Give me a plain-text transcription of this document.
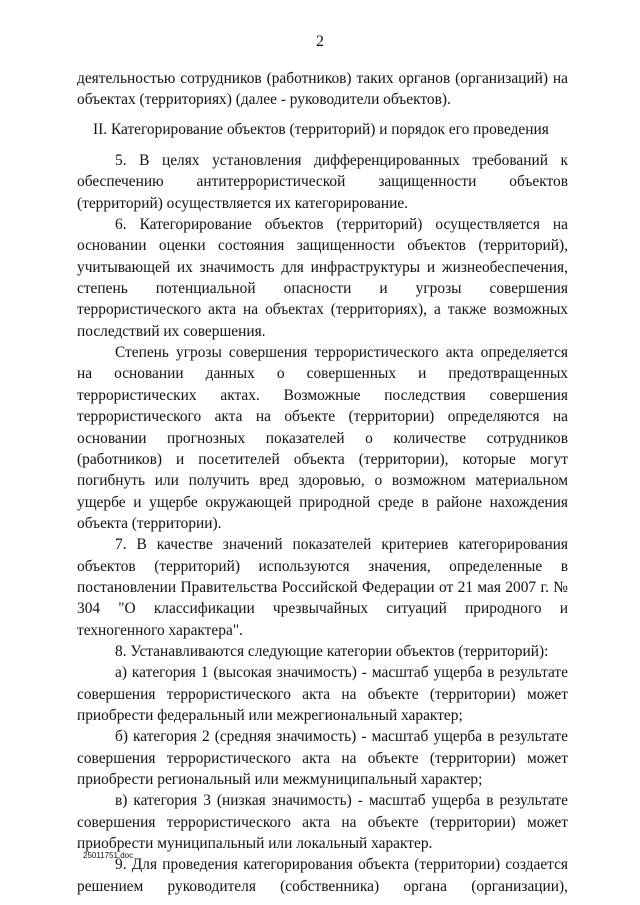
2

деятельностью сотрудников (работников) таких органов (организаций) на объектах (территориях) (далее - руководители объектов).

II. Категорирование объектов (территорий) и порядок его проведения

5. В целях установления дифференцированных требований к обеспечению антитеррористической защищенности объектов (территорий) осуществляется их категорирование.

6. Категорирование объектов (территорий) осуществляется на основании оценки состояния защищенности объектов (территорий), учитывающей их значимость для инфраструктуры и жизнеобеспечения, степень потенциальной опасности и угрозы совершения террористического акта на объектах (территориях), а также возможных последствий их совершения.

Степень угрозы совершения террористического акта определяется на основании данных о совершенных и предотвращенных террористических актах. Возможные последствия совершения террористического акта на объекте (территории) определяются на основании прогнозных показателей о количестве сотрудников (работников) и посетителей объекта (территории), которые могут погибнуть или получить вред здоровью, о возможном материальном ущербе и ущербе окружающей природной среде в районе нахождения объекта (территории).

7. В качестве значений показателей критериев категорирования объектов (территорий) используются значения, определенные в постановлении Правительства Российской Федерации от 21 мая 2007 г. № 304 "О классификации чрезвычайных ситуаций природного и техногенного характера".

8. Устанавливаются следующие категории объектов (территорий):

а) категория 1 (высокая значимость) - масштаб ущерба в результате совершения террористического акта на объекте (территории) может приобрести федеральный или межрегиональный характер;

б) категория 2 (средняя значимость) - масштаб ущерба в результате совершения террористического акта на объекте (территории) может приобрести региональный или межмуниципальный характер;

в) категория 3 (низкая значимость) - масштаб ущерба в результате совершения террористического акта на объекте (территории) может приобрести муниципальный или локальный характер.

9. Для проведения категорирования объекта (территории) создается решением руководителя (собственника) органа (организации),

25011751.doc
